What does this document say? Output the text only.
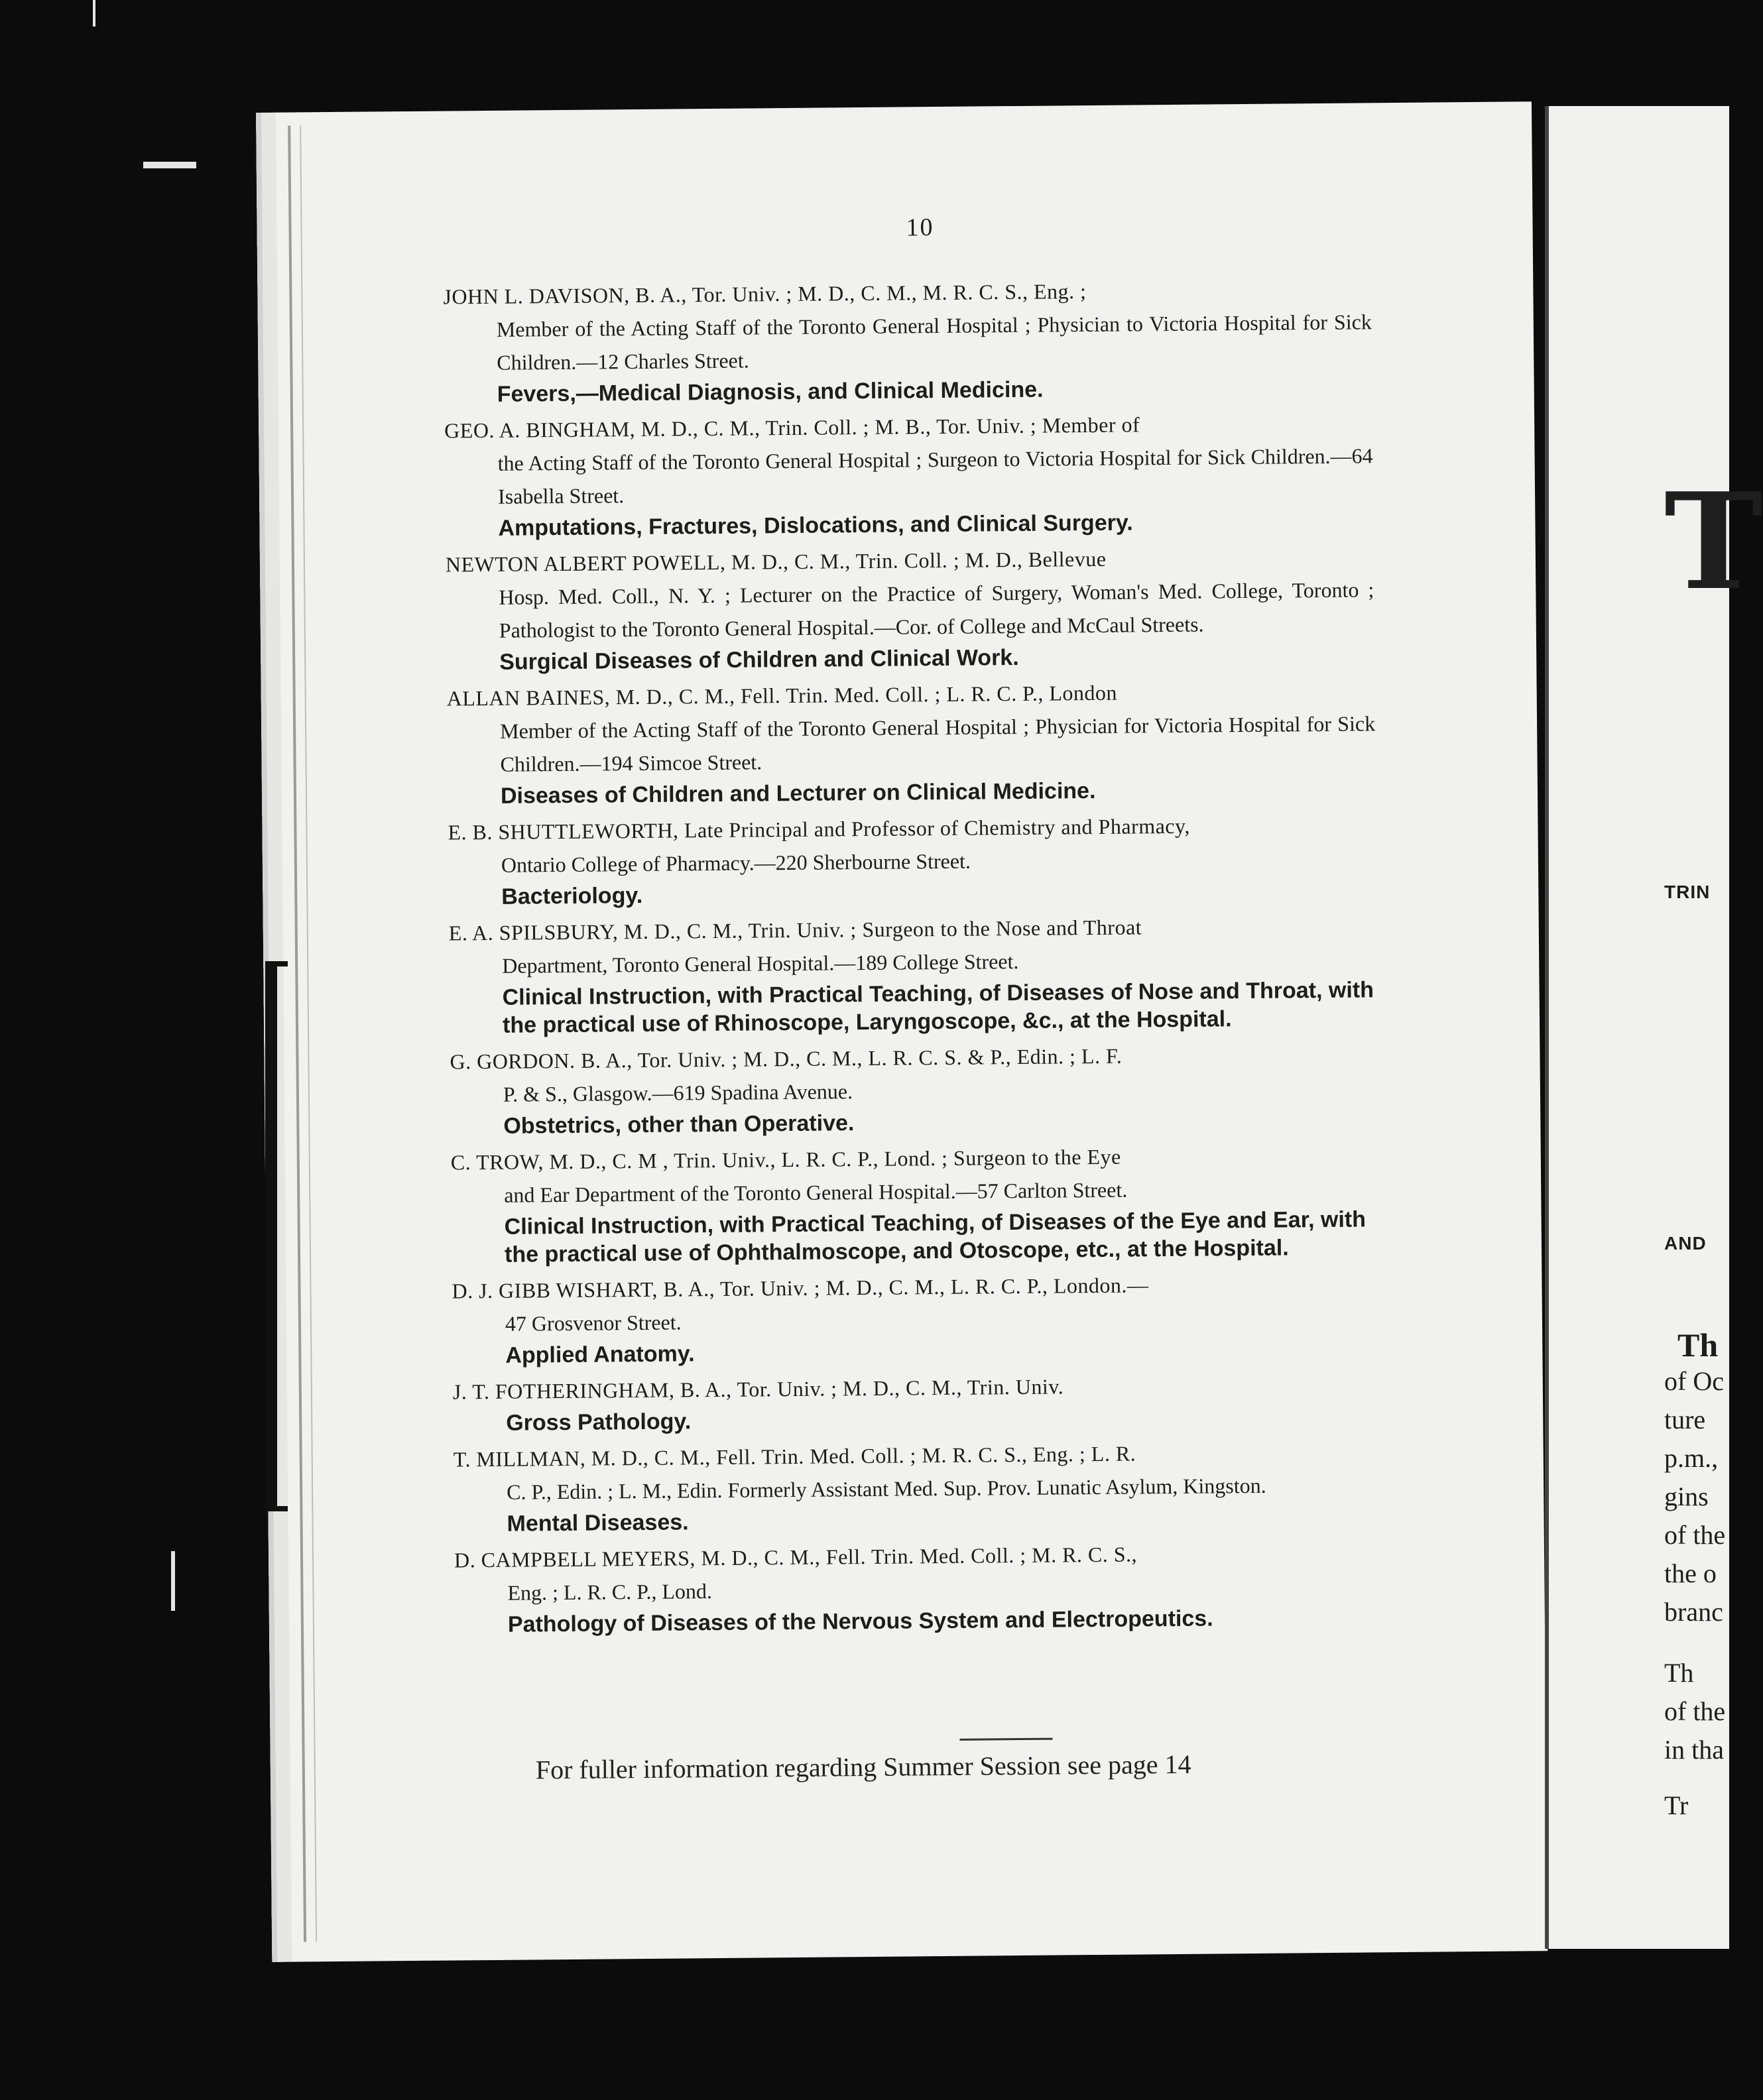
10
JOHN L. DAVISON, B. A., Tor. Univ. ; M. D., C. M., M. R. C. S., Eng. ;
Member of the Acting Staff of the Toronto General Hospital ; Physician to Victoria Hospital for Sick Children.—12 Charles Street.
Fevers,—Medical Diagnosis, and Clinical Medicine.
GEO. A. BINGHAM, M. D., C. M., Trin. Coll. ; M. B., Tor. Univ. ; Member of
the Acting Staff of the Toronto General Hospital ; Surgeon to Victoria Hospital for Sick Children.—64 Isabella Street.
Amputations, Fractures, Dislocations, and Clinical Surgery.
NEWTON ALBERT POWELL, M. D., C. M., Trin. Coll. ; M. D., Bellevue
Hosp. Med. Coll., N. Y. ; Lecturer on the Practice of Surgery, Woman's Med. College, Toronto ; Pathologist to the Toronto General Hospital.—Cor. of College and McCaul Streets.
Surgical Diseases of Children and Clinical Work.
ALLAN BAINES, M. D., C. M., Fell. Trin. Med. Coll. ; L. R. C. P., London
Member of the Acting Staff of the Toronto General Hospital ; Physician for Victoria Hospital for Sick Children.—194 Simcoe Street.
Diseases of Children and Lecturer on Clinical Medicine.
E. B. SHUTTLEWORTH, Late Principal and Professor of Chemistry and Pharmacy,
Ontario College of Pharmacy.—220 Sherbourne Street.
Bacteriology.
E. A. SPILSBURY, M. D., C. M., Trin. Univ. ; Surgeon to the Nose and Throat
Department, Toronto General Hospital.—189 College Street.
Clinical Instruction, with Practical Teaching, of Diseases of Nose and Throat, with the practical use of Rhinoscope, Laryngoscope, &c., at the Hospital.
G. GORDON. B. A., Tor. Univ. ; M. D., C. M., L. R. C. S. & P., Edin. ; L. F.
P. & S., Glasgow.—619 Spadina Avenue.
Obstetrics, other than Operative.
C. TROW, M. D., C. M , Trin. Univ., L. R. C. P., Lond. ; Surgeon to the Eye
and Ear Department of the Toronto General Hospital.—57 Carlton Street.
Clinical Instruction, with Practical Teaching, of Diseases of the Eye and Ear, with the practical use of Ophthalmoscope, and Otoscope, etc., at the Hospital.
D. J. GIBB WISHART, B. A., Tor. Univ. ; M. D., C. M., L. R. C. P., London.—
47 Grosvenor Street.
Applied Anatomy.
J. T. FOTHERINGHAM, B. A., Tor. Univ. ; M. D., C. M., Trin. Univ.
Gross Pathology.
T. MILLMAN, M. D., C. M., Fell. Trin. Med. Coll. ; M. R. C. S., Eng. ; L. R.
C. P., Edin. ; L. M., Edin. Formerly Assistant Med. Sup. Prov. Lunatic Asylum, Kingston.
Mental Diseases.
D. CAMPBELL MEYERS, M. D., C. M., Fell. Trin. Med. Coll. ; M. R. C. S.,
Eng. ; L. R. C. P., Lond.
Pathology of Diseases of the Nervous System and Electropeutics.
For fuller information regarding Summer Session see page 14
T
TRIN
AND
Th
of Oc
ture
p.m.,
gins
of the
the o
branc
Th
of the
in tha
Tr
